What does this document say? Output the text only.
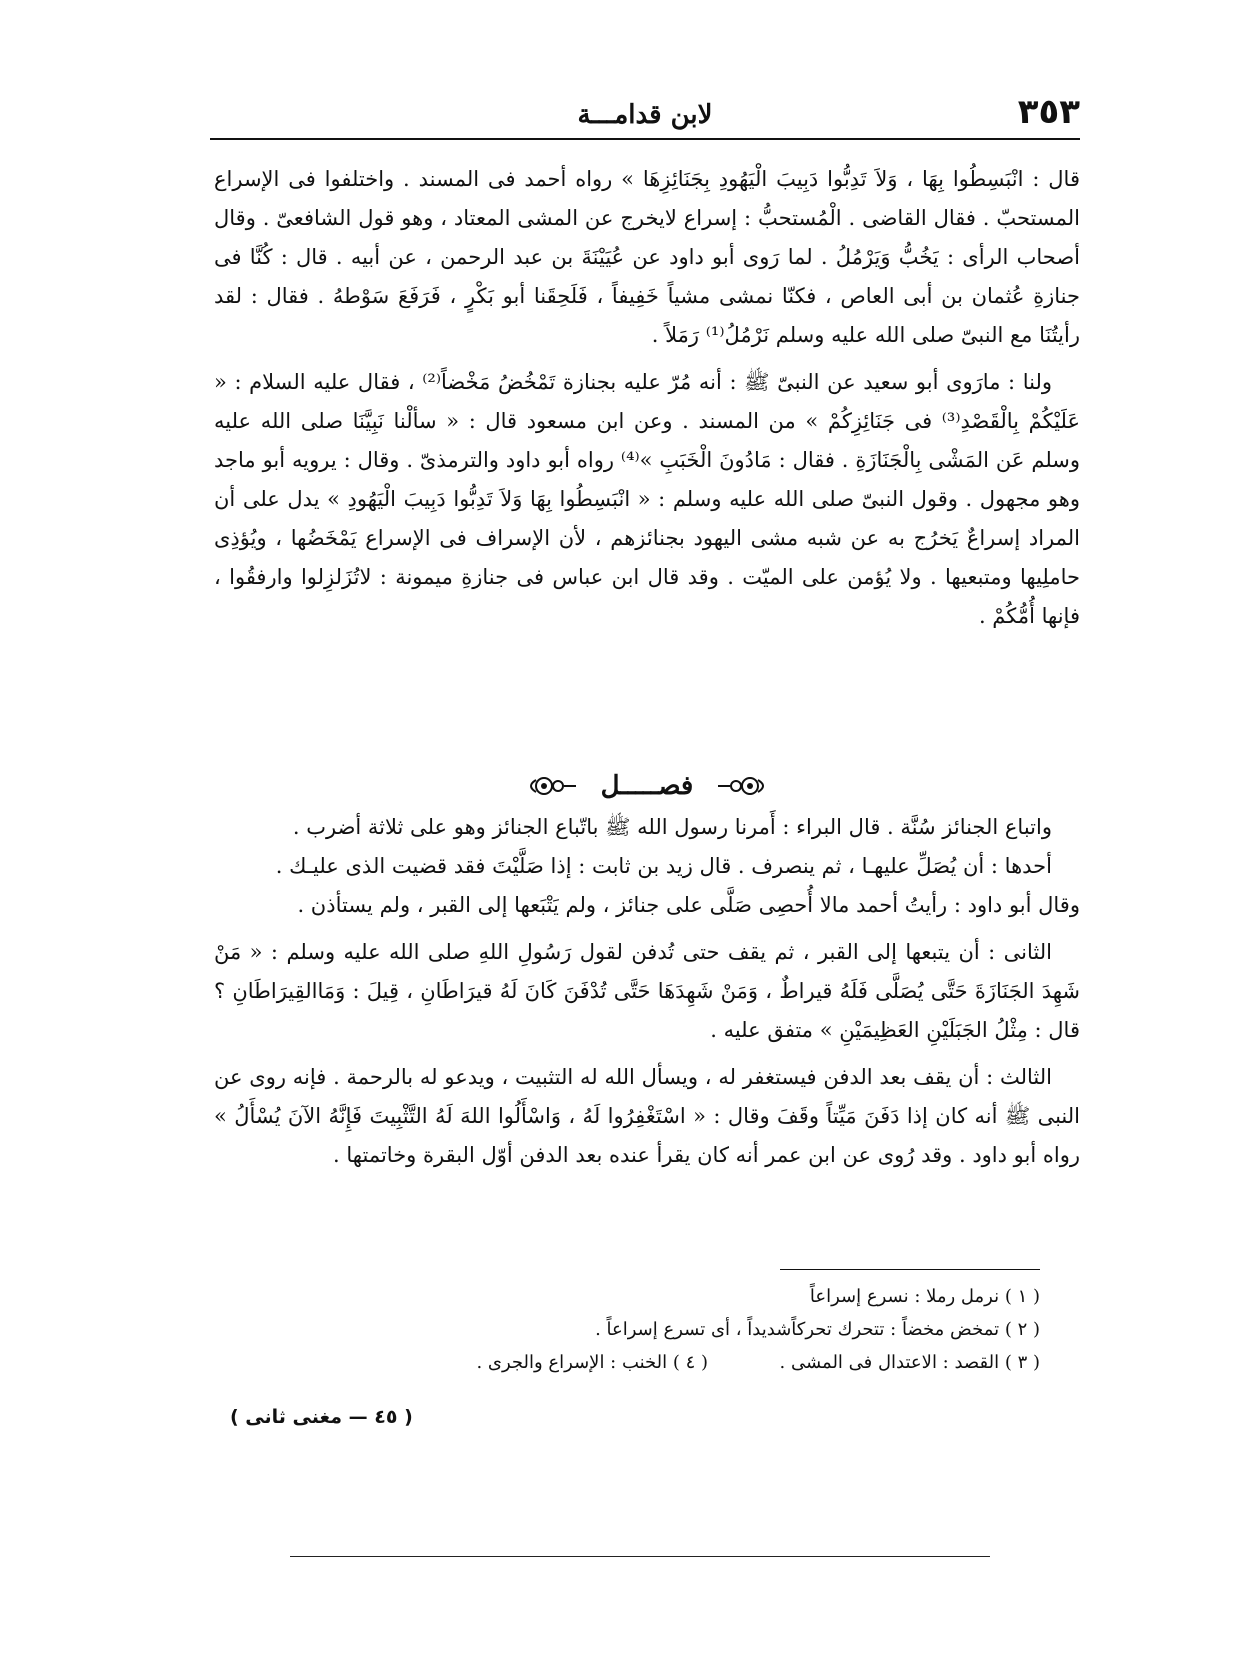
٣٥٣
لابن قدامـــة

قال : انْبَسِطُوا بِهَا ، وَلاَ تَدِبُّوا دَبِيبَ الْيَهُودِ بِجَنَائِزِهَا » رواه أحمد فى المسند . واختلفوا فى الإسراع المستحبّ . فقال القاضى . الْمُستحبُّ : إسراع لايخرج عن المشى المعتاد ، وهو قول الشافعىّ . وقال أصحاب الرأى : يَخُبُّ وَيَرْمُلُ . لما رَوى أبو داود عن عُيَيْنَةَ بن عبد الرحمن ، عن أبيه . قال : كُنَّا فى جنازةِ عُثمان بن أبى العاص ، فكنّا نمشى مشياً خَفِيفاً ، فَلَحِقَنا أبو بَكْرٍ ، فَرَفَعَ سَوْطهُ . فقال : لقد رأيتُنَا مع النبىّ صلى الله عليه وسلم نَرْمُلُ⁽¹⁾ رَمَلاً .

ولنا : مارَوى أبو سعيد عن النبىّ ﷺ : أنه مُرّ عليه بجنازة تَمْخُضُ مَخْضاً⁽²⁾ ، فقال عليه السلام : « عَلَيْكُمْ بِالْقَصْدِ⁽³⁾ فى جَنَائِزِكُمْ » من المسند . وعن ابن مسعود قال : « سألْنا نَبِيَّنَا صلى الله عليه وسلم عَن المَشْى بِالْجَنَازَةِ . فقال : مَادُونَ الْخَبَبِ »⁽⁴⁾ رواه أبو داود والترمذىّ . وقال : يرويه أبو ماجد وهو مجهول . وقول النبىّ صلى الله عليه وسلم : « انْبَسِطُوا بِهَا وَلاَ تَدِبُّوا دَبِيبَ الْيَهُودِ » يدل على أن المراد إسراعٌ يَخرُج به عن شبه مشى اليهود بجنائزهم ، لأن الإسراف فى الإسراع يَمْخَضُها ، ويُؤذِى حاملِيها ومتبعيها . ولا يُؤمن على الميّت . وقد قال ابن عباس فى جنازةِ ميمونة : لاتُزَلزِلوا وارفقُوا ، فإنها أُمُّكُمْ .

فصـــــل

واتباع الجنائز سُنَّة . قال البراء : أَمرنا رسول الله ﷺ باتّباع الجنائز وهو على ثلاثة أضرب .

أحدها : أن يُصَلِّ عليهـا ، ثم ينصرف . قال زيد بن ثابت : إذا صَلَّيْتَ فقد قضيت الذى عليـك .

وقال أبو داود : رأيتُ أحمد مالا أُحصِى صَلَّى على جنائز ، ولم يَتْبَعها إلى القبر ، ولم يستأذن .

الثانى : أن يتبعها إلى القبر ، ثم يقف حتى تُدفن لقول رَسُولِ اللهِ صلى الله عليه وسلم : « مَنْ شَهِدَ الجَنَازَةَ حَتَّى يُصَلَّى فَلَهُ قيراطٌ ، وَمَنْ شَهِدَهَا حَتَّى تُدْفَنَ كَانَ لَهُ قيرَاطَانِ ، قِيلَ : وَمَاالقِيرَاطَانِ ؟ قال : مِثْلُ الجَبَلَيْنِ العَظِيمَيْنِ » متفق عليه .

الثالث : أن يقف بعد الدفن فيستغفر له ، ويسأل الله له التثبيت ، ويدعو له بالرحمة . فإنه روى عن النبى ﷺ أنه كان إذا دَفَنَ مَيِّتاً وقَفَ وقال : « اسْتَغْفِرُوا لَهُ ، وَاسْأَلُوا اللهَ لَهُ التَّثْبِيتَ فَإِنَّهُ الآنَ يُسْأَلُ » رواه أبو داود . وقد رُوى عن ابن عمر أنه كان يقرأ عنده بعد الدفن أوّل البقرة وخاتمتها .

( ١ ) نرمل رملا : نسرع إسراعاً

( ٢ ) تمخض مخضاً : تتحرك تحركاًشديداً ، أى تسرع إسراعاً .

( ٣ ) القصد : الاعتدال فى المشى .  ( ٤ ) الخنب : الإسراع والجرى .

( ٤٥ — مغنى ثانى )
